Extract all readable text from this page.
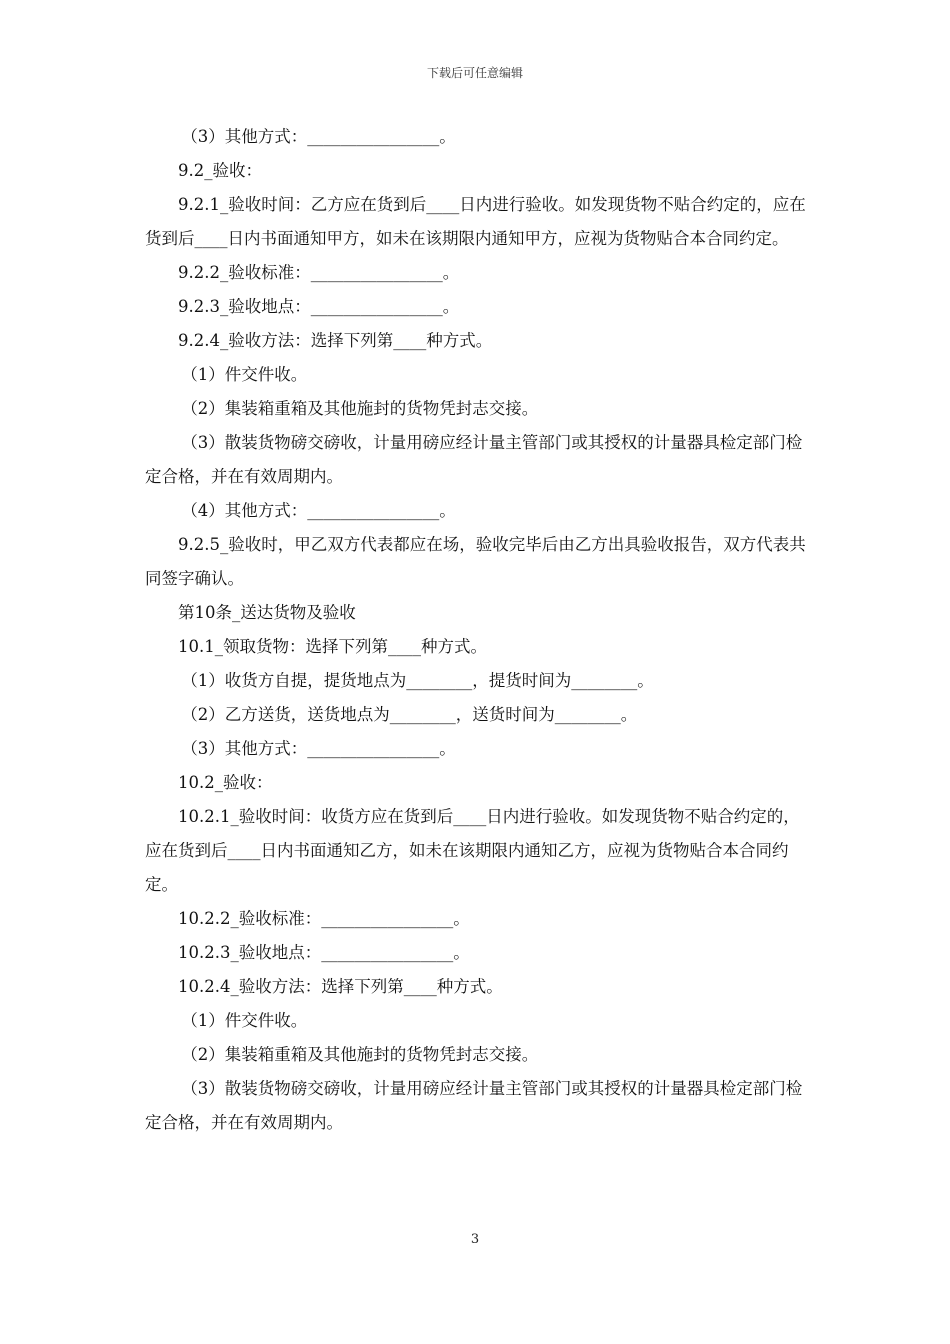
下载后可任意编辑

（3）其他方式：________________。

9.2_验收：

9.2.1_验收时间：乙方应在货到后____日内进行验收。如发现货物不贴合约定的，应在货到后____日内书面通知甲方，如未在该期限内通知甲方，应视为货物贴合本合同约定。

9.2.2_验收标准：________________。

9.2.3_验收地点：________________。

9.2.4_验收方法：选择下列第____种方式。

（1）件交件收。

（2）集装箱重箱及其他施封的货物凭封志交接。

（3）散装货物磅交磅收，计量用磅应经计量主管部门或其授权的计量器具检定部门检定合格，并在有效周期内。

（4）其他方式：________________。

9.2.5_验收时，甲乙双方代表都应在场，验收完毕后由乙方出具验收报告，双方代表共同签字确认。

第10条_送达货物及验收

10.1_领取货物：选择下列第____种方式。

（1）收货方自提，提货地点为________，提货时间为________。

（2）乙方送货，送货地点为________，送货时间为________。

（3）其他方式：________________。

10.2_验收：

10.2.1_验收时间：收货方应在货到后____日内进行验收。如发现货物不贴合约定的，应在货到后____日内书面通知乙方，如未在该期限内通知乙方，应视为货物贴合本合同约定。

10.2.2_验收标准：________________。

10.2.3_验收地点：________________。

10.2.4_验收方法：选择下列第____种方式。

（1）件交件收。

（2）集装箱重箱及其他施封的货物凭封志交接。

（3）散装货物磅交磅收，计量用磅应经计量主管部门或其授权的计量器具检定部门检定合格，并在有效周期内。

3
